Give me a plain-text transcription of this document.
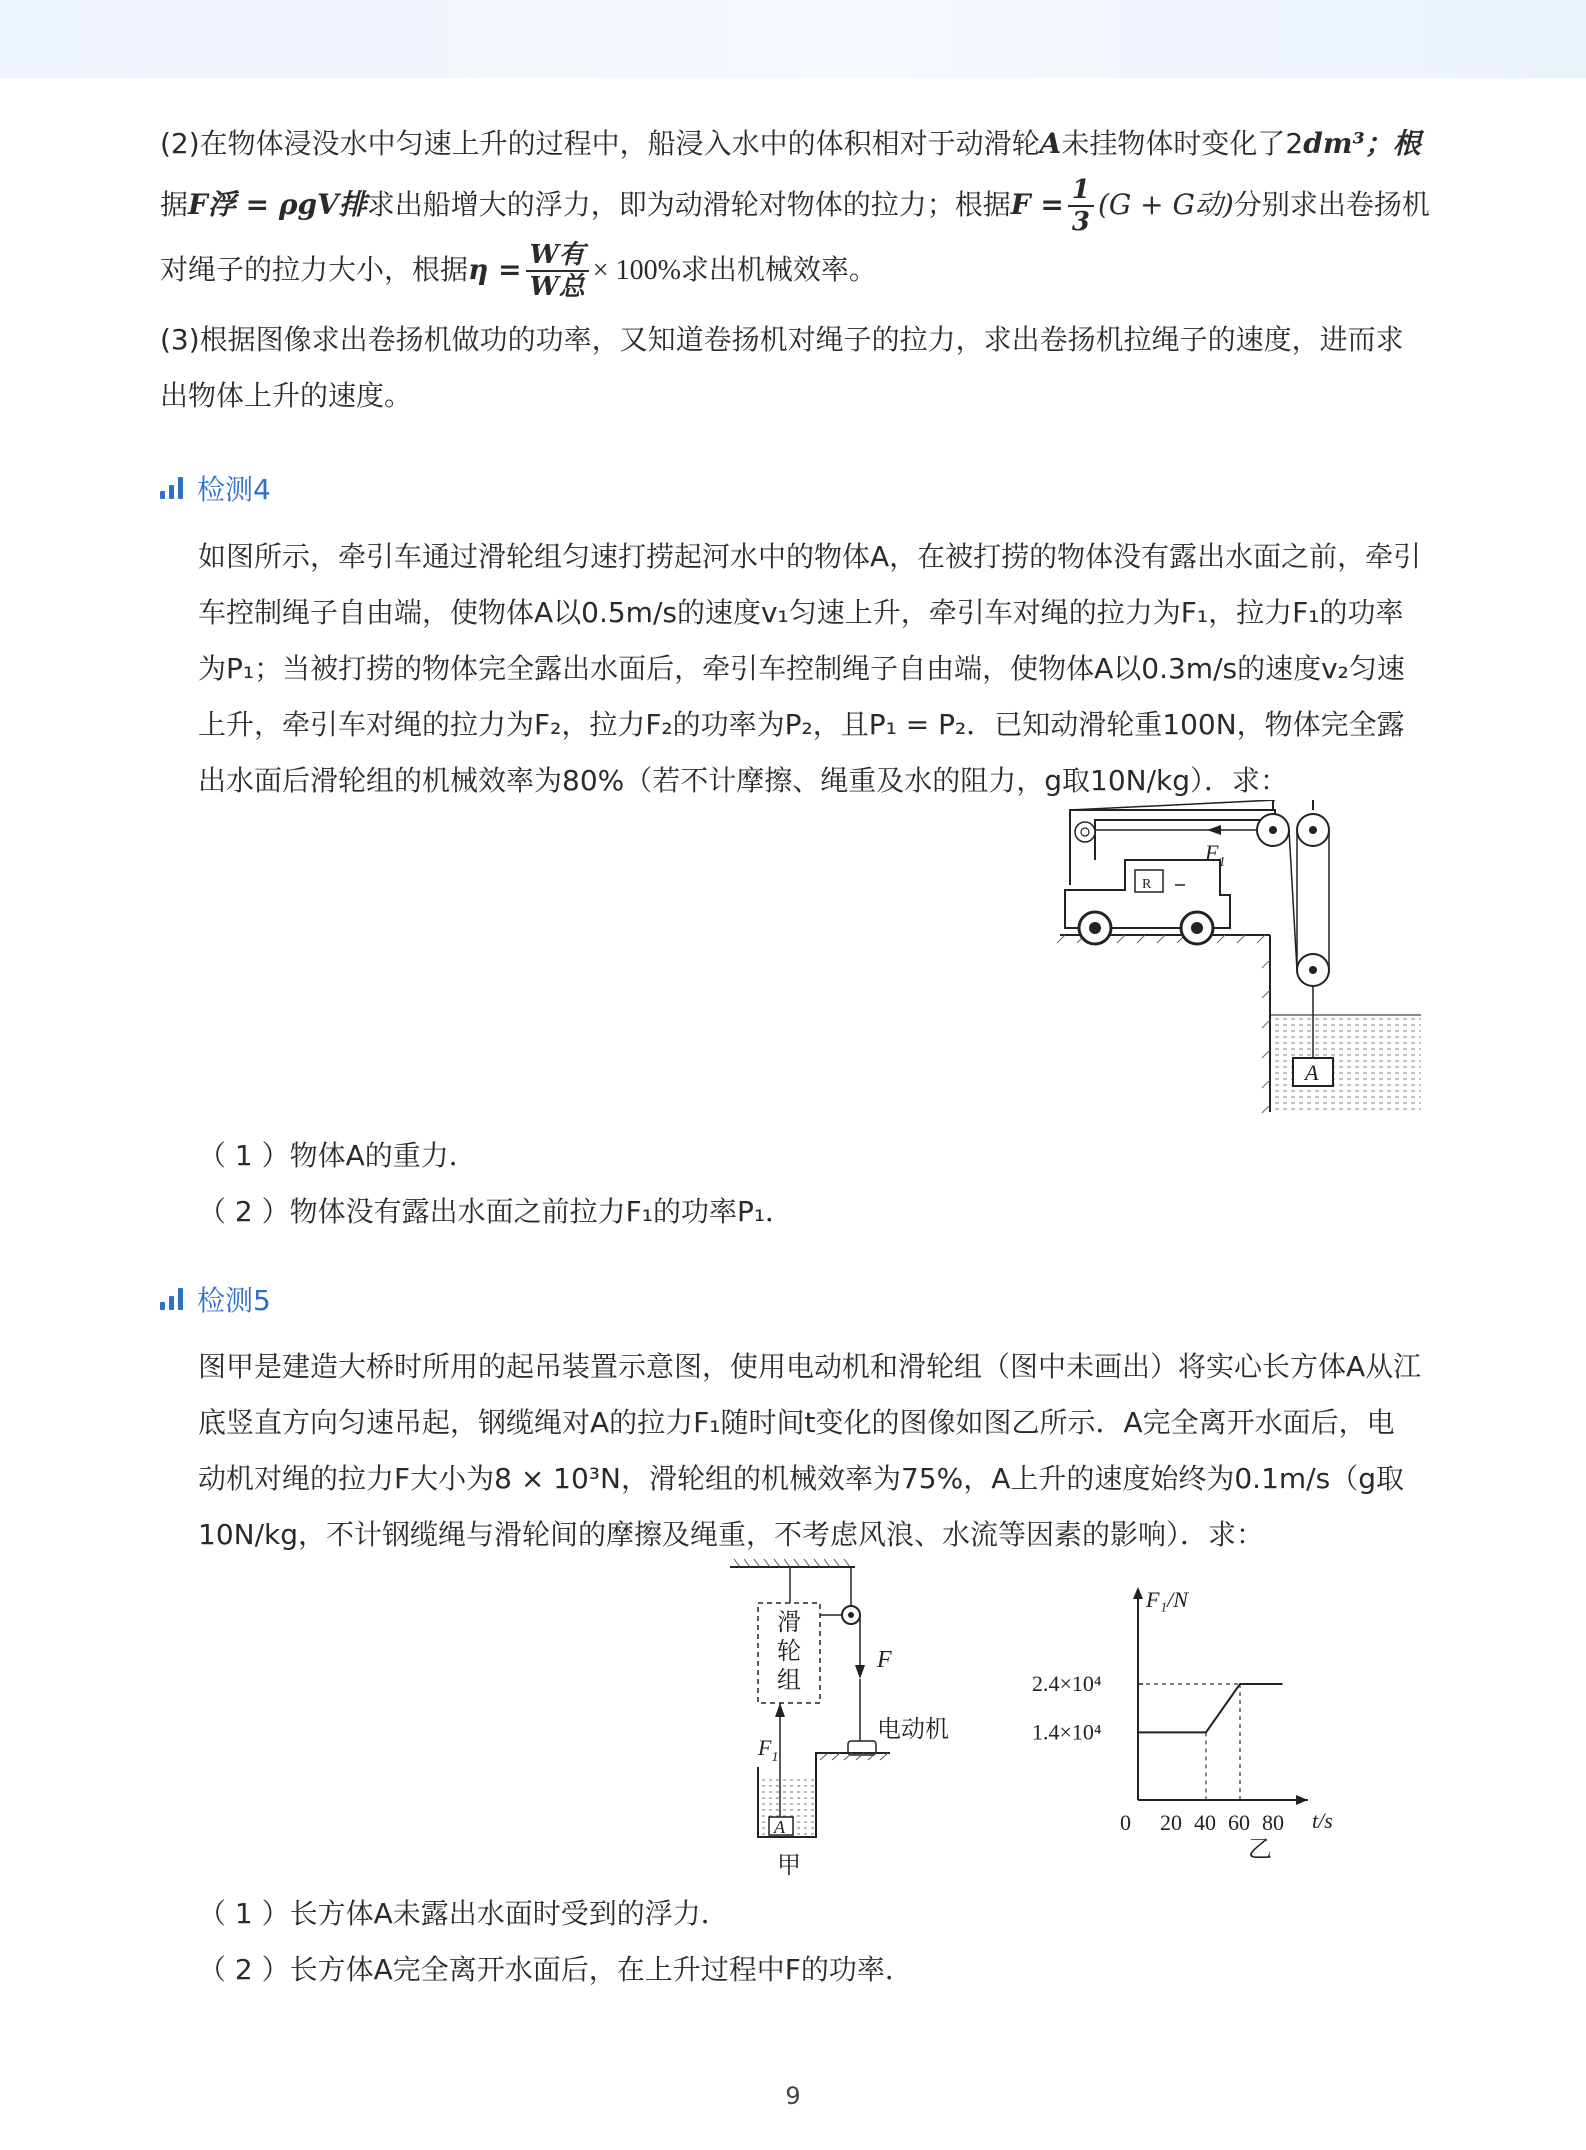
(2)在物体浸没水中匀速上升的过程中，船浸入水中的体积相对于动滑轮A未挂物体时变化了2dm³；根

据F浮 = ρgV排求出船增大的浮力，即为动滑轮对物体的拉力；根据$F = \frac{1}{3} (G + G$动)分别求出卷扬机

对绳子的拉力大小，根据$\eta = \frac{\text{W有}}{\text{W总}} \times 100\%$求出机械效率。

(3)根据图像求出卷扬机做功的功率，又知道卷扬机对绳子的拉力，求出卷扬机拉绳子的速度，进而求

出物体上升的速度。

检测4

如图所示，牵引车通过滑轮组匀速打捞起河水中的物体A，在被打捞的物体没有露出水面之前，牵引

车控制绳子自由端，使物体A以0.5m/s的速度v₁匀速上升，牵引车对绳的拉力为F₁，拉力F₁的功率

为P₁；当被打捞的物体完全露出水面后，牵引车控制绳子自由端，使物体A以0.3m/s的速度v₂匀速

上升，牵引车对绳的拉力为F₂，拉力F₂的功率为P₂，且P₁ = P₂．已知动滑轮重100N，物体完全露

出水面后滑轮组的机械效率为80%（若不计摩擦、绳重及水的阻力，g取10N/kg）．求：

R
$F_1$
A

（ 1 ）物体A的重力．

（ 2 ）物体没有露出水面之前拉力F₁的功率P₁．

检测5

图甲是建造大桥时所用的起吊装置示意图，使用电动机和滑轮组（图中未画出）将实心长方体A从江

底竖直方向匀速吊起，钢缆绳对A的拉力F₁随时间t变化的图像如图乙所示．A完全离开水面后，电

动机对绳的拉力F大小为8 × 10³N，滑轮组的机械效率为75%，A上升的速度始终为0.1m/s（g取

10N/kg，不计钢缆绳与滑轮间的摩擦及绳重，不考虑风浪、水流等因素的影响）．求：

滑
轮
组
F
电动机
$F_1$
A
甲
F₁/N
t/s
0 20 40 60 80
1.4×10⁴
2.4×10⁴
乙

（ 1 ）长方体A未露出水面时受到的浮力．

（ 2 ）长方体A完全离开水面后，在上升过程中F的功率．

9
